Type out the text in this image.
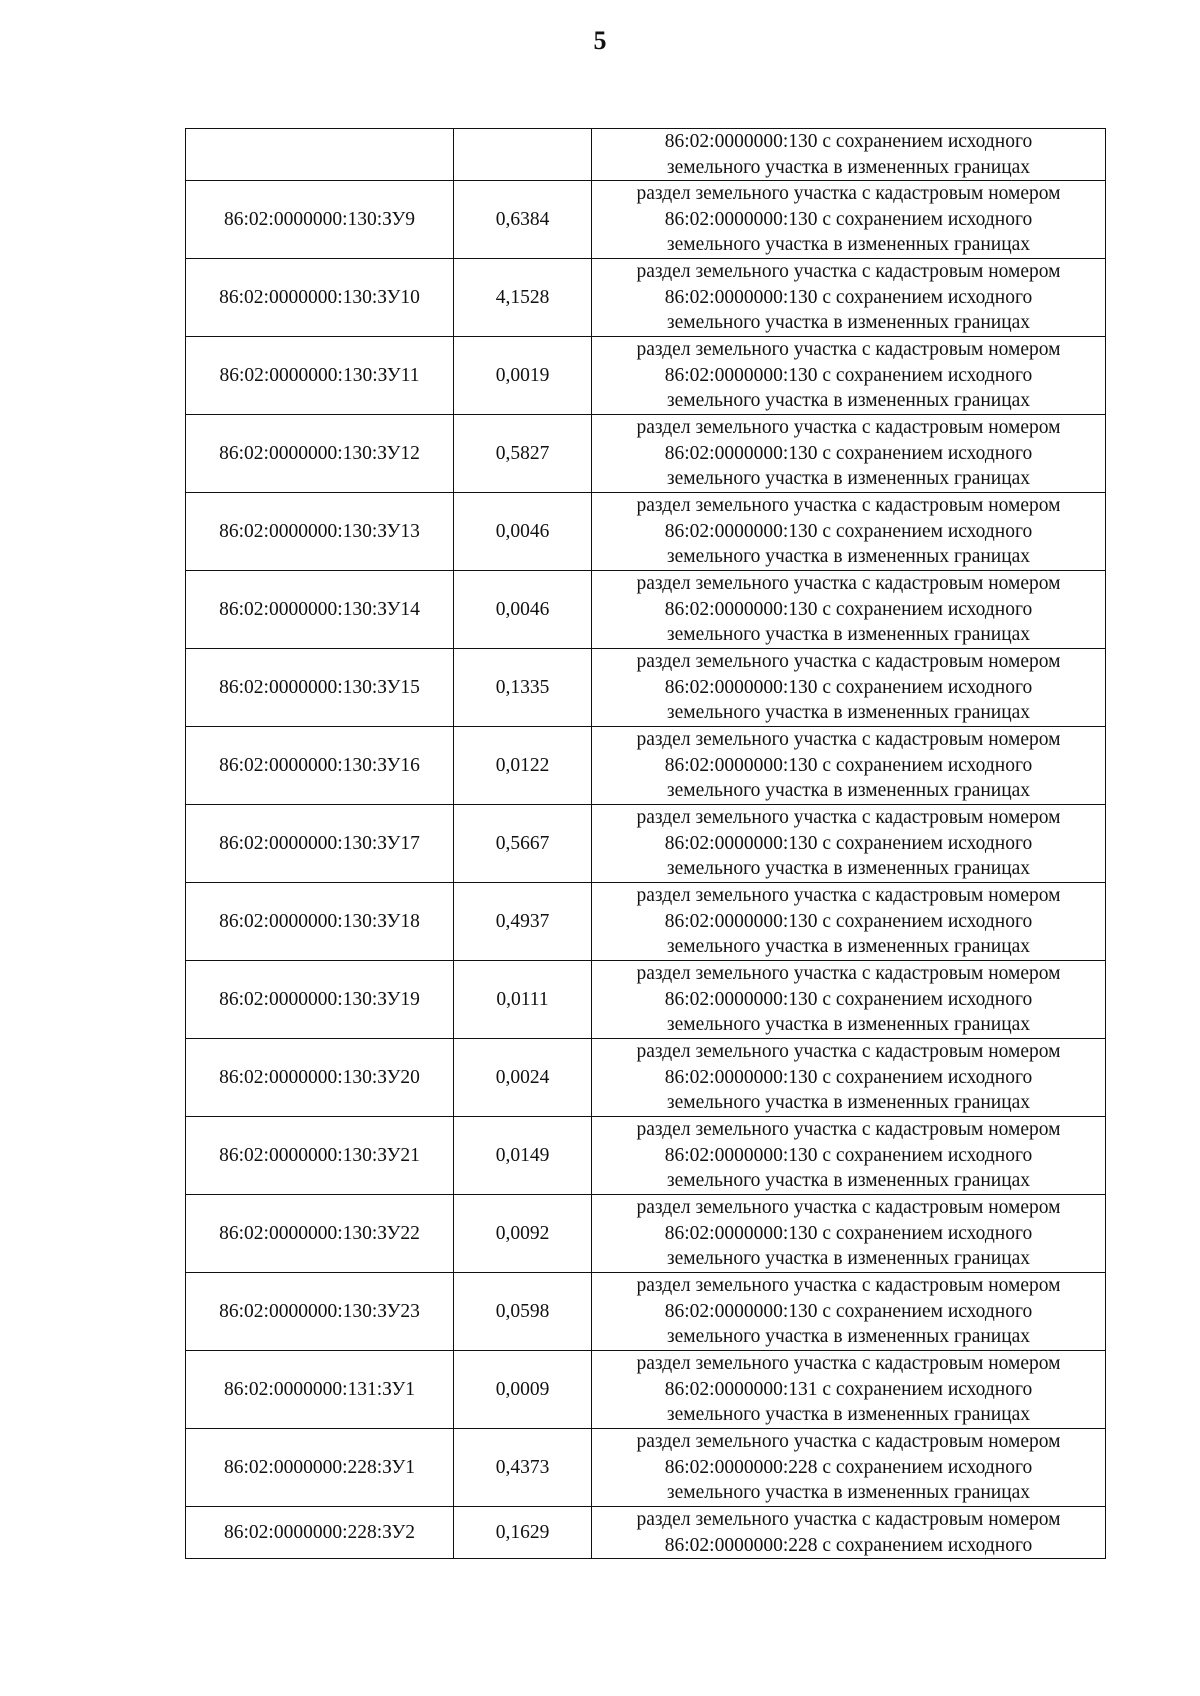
5
		86:02:0000000:130 с сохранением исходного
земельного участка в измененных границах
86:02:0000000:130:ЗУ9	0,6384	раздел земельного участка с кадастровым номером
86:02:0000000:130 с сохранением исходного
земельного участка в измененных границах
86:02:0000000:130:ЗУ10	4,1528	раздел земельного участка с кадастровым номером
86:02:0000000:130 с сохранением исходного
земельного участка в измененных границах
86:02:0000000:130:ЗУ11	0,0019	раздел земельного участка с кадастровым номером
86:02:0000000:130 с сохранением исходного
земельного участка в измененных границах
86:02:0000000:130:ЗУ12	0,5827	раздел земельного участка с кадастровым номером
86:02:0000000:130 с сохранением исходного
земельного участка в измененных границах
86:02:0000000:130:ЗУ13	0,0046	раздел земельного участка с кадастровым номером
86:02:0000000:130 с сохранением исходного
земельного участка в измененных границах
86:02:0000000:130:ЗУ14	0,0046	раздел земельного участка с кадастровым номером
86:02:0000000:130 с сохранением исходного
земельного участка в измененных границах
86:02:0000000:130:ЗУ15	0,1335	раздел земельного участка с кадастровым номером
86:02:0000000:130 с сохранением исходного
земельного участка в измененных границах
86:02:0000000:130:ЗУ16	0,0122	раздел земельного участка с кадастровым номером
86:02:0000000:130 с сохранением исходного
земельного участка в измененных границах
86:02:0000000:130:ЗУ17	0,5667	раздел земельного участка с кадастровым номером
86:02:0000000:130 с сохранением исходного
земельного участка в измененных границах
86:02:0000000:130:ЗУ18	0,4937	раздел земельного участка с кадастровым номером
86:02:0000000:130 с сохранением исходного
земельного участка в измененных границах
86:02:0000000:130:ЗУ19	0,0111	раздел земельного участка с кадастровым номером
86:02:0000000:130 с сохранением исходного
земельного участка в измененных границах
86:02:0000000:130:ЗУ20	0,0024	раздел земельного участка с кадастровым номером
86:02:0000000:130 с сохранением исходного
земельного участка в измененных границах
86:02:0000000:130:ЗУ21	0,0149	раздел земельного участка с кадастровым номером
86:02:0000000:130 с сохранением исходного
земельного участка в измененных границах
86:02:0000000:130:ЗУ22	0,0092	раздел земельного участка с кадастровым номером
86:02:0000000:130 с сохранением исходного
земельного участка в измененных границах
86:02:0000000:130:ЗУ23	0,0598	раздел земельного участка с кадастровым номером
86:02:0000000:130 с сохранением исходного
земельного участка в измененных границах
86:02:0000000:131:ЗУ1	0,0009	раздел земельного участка с кадастровым номером
86:02:0000000:131 с сохранением исходного
земельного участка в измененных границах
86:02:0000000:228:ЗУ1	0,4373	раздел земельного участка с кадастровым номером
86:02:0000000:228 с сохранением исходного
земельного участка в измененных границах
86:02:0000000:228:ЗУ2	0,1629	раздел земельного участка с кадастровым номером
86:02:0000000:228 с сохранением исходного
